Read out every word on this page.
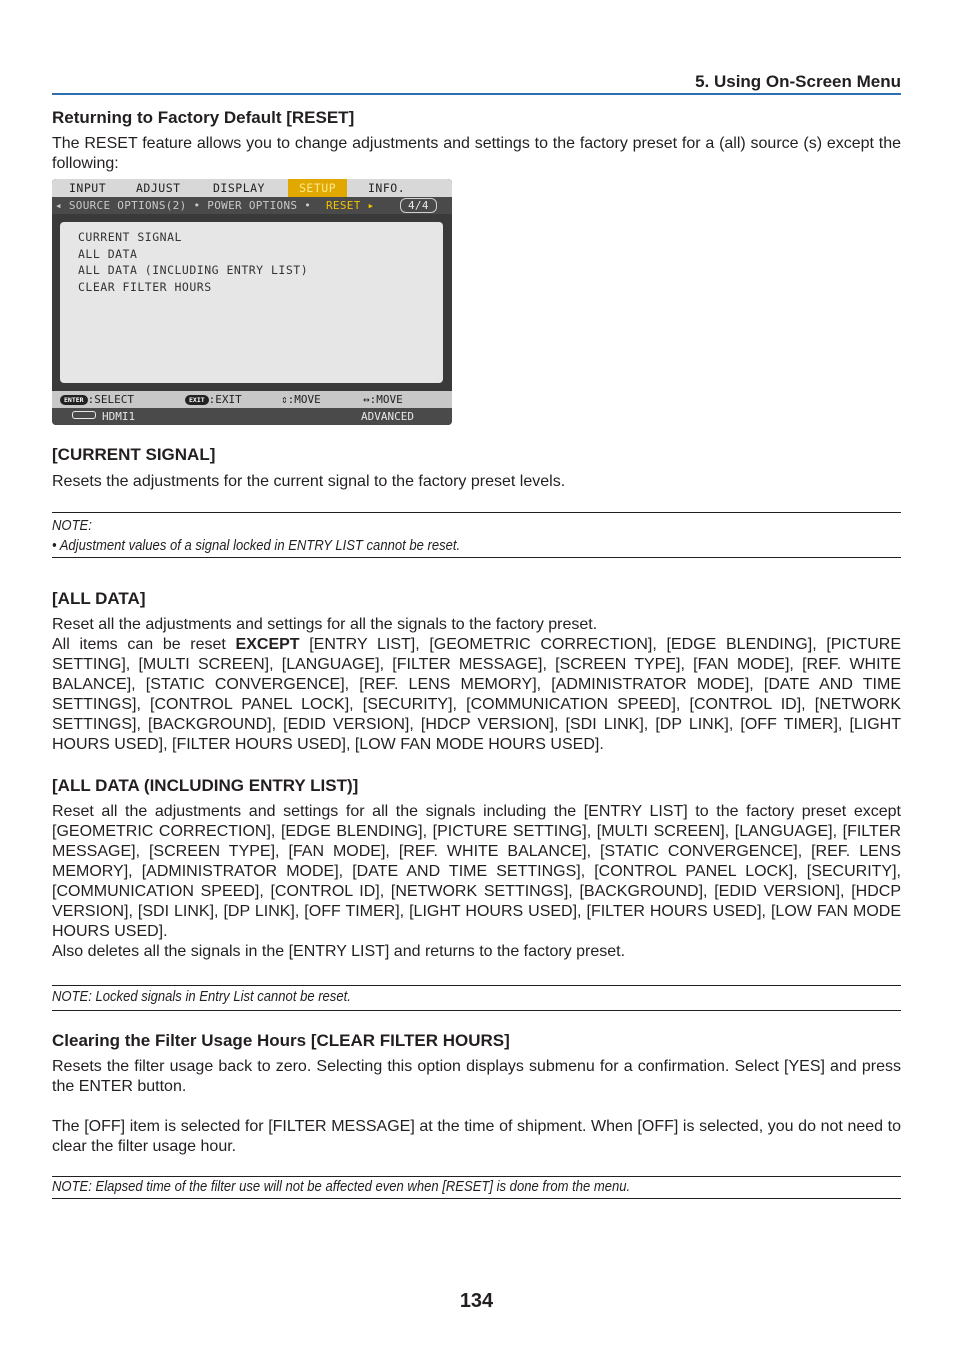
5. Using On-Screen Menu
Returning to Factory Default [RESET]

The RESET feature allows you to change adjustments and settings to the factory preset for a (all) source (s) except the following:

INPUT	ADJUST	DISPLAY	SETUP	INFO.
◂ SOURCE OPTIONS(2) • POWER OPTIONS • RESET ▸	4/4
CURRENT SIGNAL
ALL DATA
ALL DATA (INCLUDING ENTRY LIST)
CLEAR FILTER HOURS
ENTER :SELECT	EXIT :EXIT	⇕:MOVE	↔:MOVE
HDMI1	ADVANCED
[CURRENT SIGNAL]

Resets the adjustments for the current signal to the factory preset levels.

NOTE:
• Adjustment values of a signal locked in ENTRY LIST cannot be reset.
[ALL DATA]

Reset all the adjustments and settings for all the signals to the factory preset.

All items can be reset EXCEPT [ENTRY LIST], [GEOMETRIC CORRECTION], [EDGE BLENDING], [PICTURE SETTING], [MULTI SCREEN], [LANGUAGE], [FILTER MESSAGE], [SCREEN TYPE], [FAN MODE], [REF. WHITE BALANCE], [STATIC CONVERGENCE], [REF. LENS MEMORY], [ADMINISTRATOR MODE], [DATE AND TIME SETTINGS], [CONTROL PANEL LOCK], [SECURITY], [COMMUNICATION SPEED], [CONTROL ID], [NETWORK SETTINGS], [BACKGROUND], [EDID VERSION], [HDCP VERSION], [SDI LINK], [DP LINK], [OFF TIMER], [LIGHT HOURS USED], [FILTER HOURS USED], [LOW FAN MODE HOURS USED].

[ALL DATA (INCLUDING ENTRY LIST)]

Reset all the adjustments and settings for all the signals including the [ENTRY LIST] to the factory preset except [GEOMETRIC CORRECTION], [EDGE BLENDING], [PICTURE SETTING], [MULTI SCREEN], [LANGUAGE], [FILTER MESSAGE], [SCREEN TYPE], [FAN MODE], [REF. WHITE BALANCE], [STATIC CONVERGENCE], [REF. LENS MEMORY], [ADMINISTRATOR MODE], [DATE AND TIME SETTINGS], [CONTROL PANEL LOCK], [SECURITY], [COMMUNICATION SPEED], [CONTROL ID], [NETWORK SETTINGS], [BACKGROUND], [EDID VERSION], [HDCP VERSION], [SDI LINK], [DP LINK], [OFF TIMER], [LIGHT HOURS USED], [FILTER HOURS USED], [LOW FAN MODE HOURS USED].

Also deletes all the signals in the [ENTRY LIST] and returns to the factory preset.

NOTE: Locked signals in Entry List cannot be reset.
Clearing the Filter Usage Hours [CLEAR FILTER HOURS]

Resets the filter usage back to zero. Selecting this option displays submenu for a confirmation. Select [YES] and press the ENTER button.

The [OFF] item is selected for [FILTER MESSAGE] at the time of shipment. When [OFF] is selected, you do not need to clear the filter usage hour.

NOTE: Elapsed time of the filter use will not be affected even when [RESET] is done from the menu.
134
